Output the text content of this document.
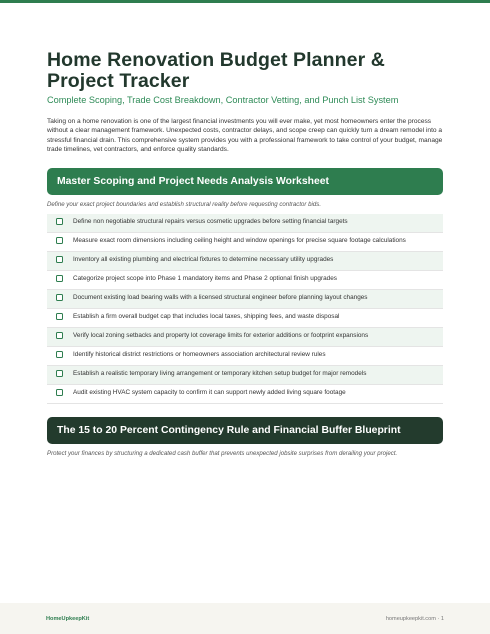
Home Renovation Budget Planner & Project Tracker
Complete Scoping, Trade Cost Breakdown, Contractor Vetting, and Punch List System

Taking on a home renovation is one of the largest financial investments you will ever make, yet most homeowners enter the process without a clear management framework. Unexpected costs, contractor delays, and scope creep can quickly turn a dream remodel into a stressful financial drain. This comprehensive system provides you with a professional framework to take control of your budget, manage trade timelines, vet contractors, and enforce quality standards.

Master Scoping and Project Needs Analysis Worksheet

Define your exact project boundaries and establish structural reality before requesting contractor bids.

Define non negotiable structural repairs versus cosmetic upgrades before setting financial targets
Measure exact room dimensions including ceiling height and window openings for precise square footage calculations
Inventory all existing plumbing and electrical fixtures to determine necessary utility upgrades
Categorize project scope into Phase 1 mandatory items and Phase 2 optional finish upgrades
Document existing load bearing walls with a licensed structural engineer before planning layout changes
Establish a firm overall budget cap that includes local taxes, shipping fees, and waste disposal
Verify local zoning setbacks and property lot coverage limits for exterior additions or footprint expansions
Identify historical district restrictions or homeowners association architectural review rules
Establish a realistic temporary living arrangement or temporary kitchen setup budget for major remodels
Audit existing HVAC system capacity to confirm it can support newly added living square footage
The 15 to 20 Percent Contingency Rule and Financial Buffer Blueprint

Protect your finances by structuring a dedicated cash buffer that prevents unexpected jobsite surprises from derailing your project.

HomeUpkeepKit	homeupkeepkit.com · 1
